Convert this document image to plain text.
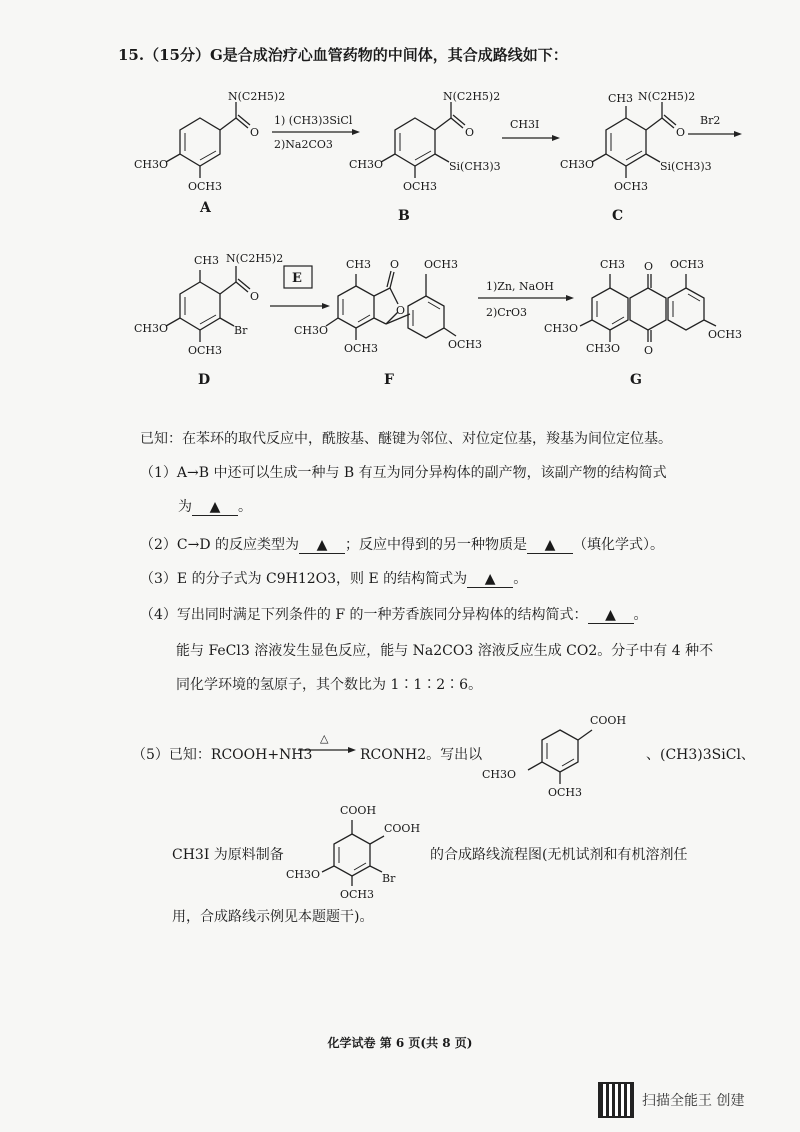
15.（15分）G是合成治疗心血管药物的中间体，其合成路线如下：
N(C2H5)2
O
CH3O
OCH3
A
1) (CH3)3SiCl
2)Na2CO3
N(C2H5)2
O
Si(CH3)3
CH3O
OCH3
B
CH3I
CH3 N(C2H5)2
O
Si(CH3)3
CH3O
OCH3
C
Br2
CH3 N(C2H5)2
O
Br
CH3O
OCH3
D
E
CH3 O
O
OCH3
OCH3
CH3O
OCH3
F
1)Zn, NaOH
2)CrO3
O
O
CH3	OCH3
OCH3
CH3O
CH3O
G
已知：在苯环的取代反应中，酰胺基、醚键为邻位、对位定位基，羧基为间位定位基。
（1）A→B 中还可以生成一种与 B 有互为同分异构体的副产物，该副产物的结构简式
为 ▲ 。
（2）C→D 的反应类型为 ▲ ；反应中得到的另一种物质是 ▲ （填化学式）。
（3）E 的分子式为 C9H12O3，则 E 的结构简式为 ▲ 。
（4）写出同时满足下列条件的 F 的一种芳香族同分异构体的结构简式： ▲ 。
能与 FeCl3 溶液发生显色反应，能与 Na2CO3 溶液反应生成 CO2。分子中有 4 种不
同化学环境的氢原子，其个数比为 1∶1∶2∶6。
（5）已知：RCOOH+NH3
△
RCONH2。写出以
COOH
CH3O
OCH3
、(CH3)3SiCl、
CH3I 为原料制备
COOH
COOH
Br
CH3O
OCH3
的合成路线流程图(无机试剂和有机溶剂任
用，合成路线示例见本题题干)。
化学试卷 第 6 页(共 8 页)
扫描全能王 创建
